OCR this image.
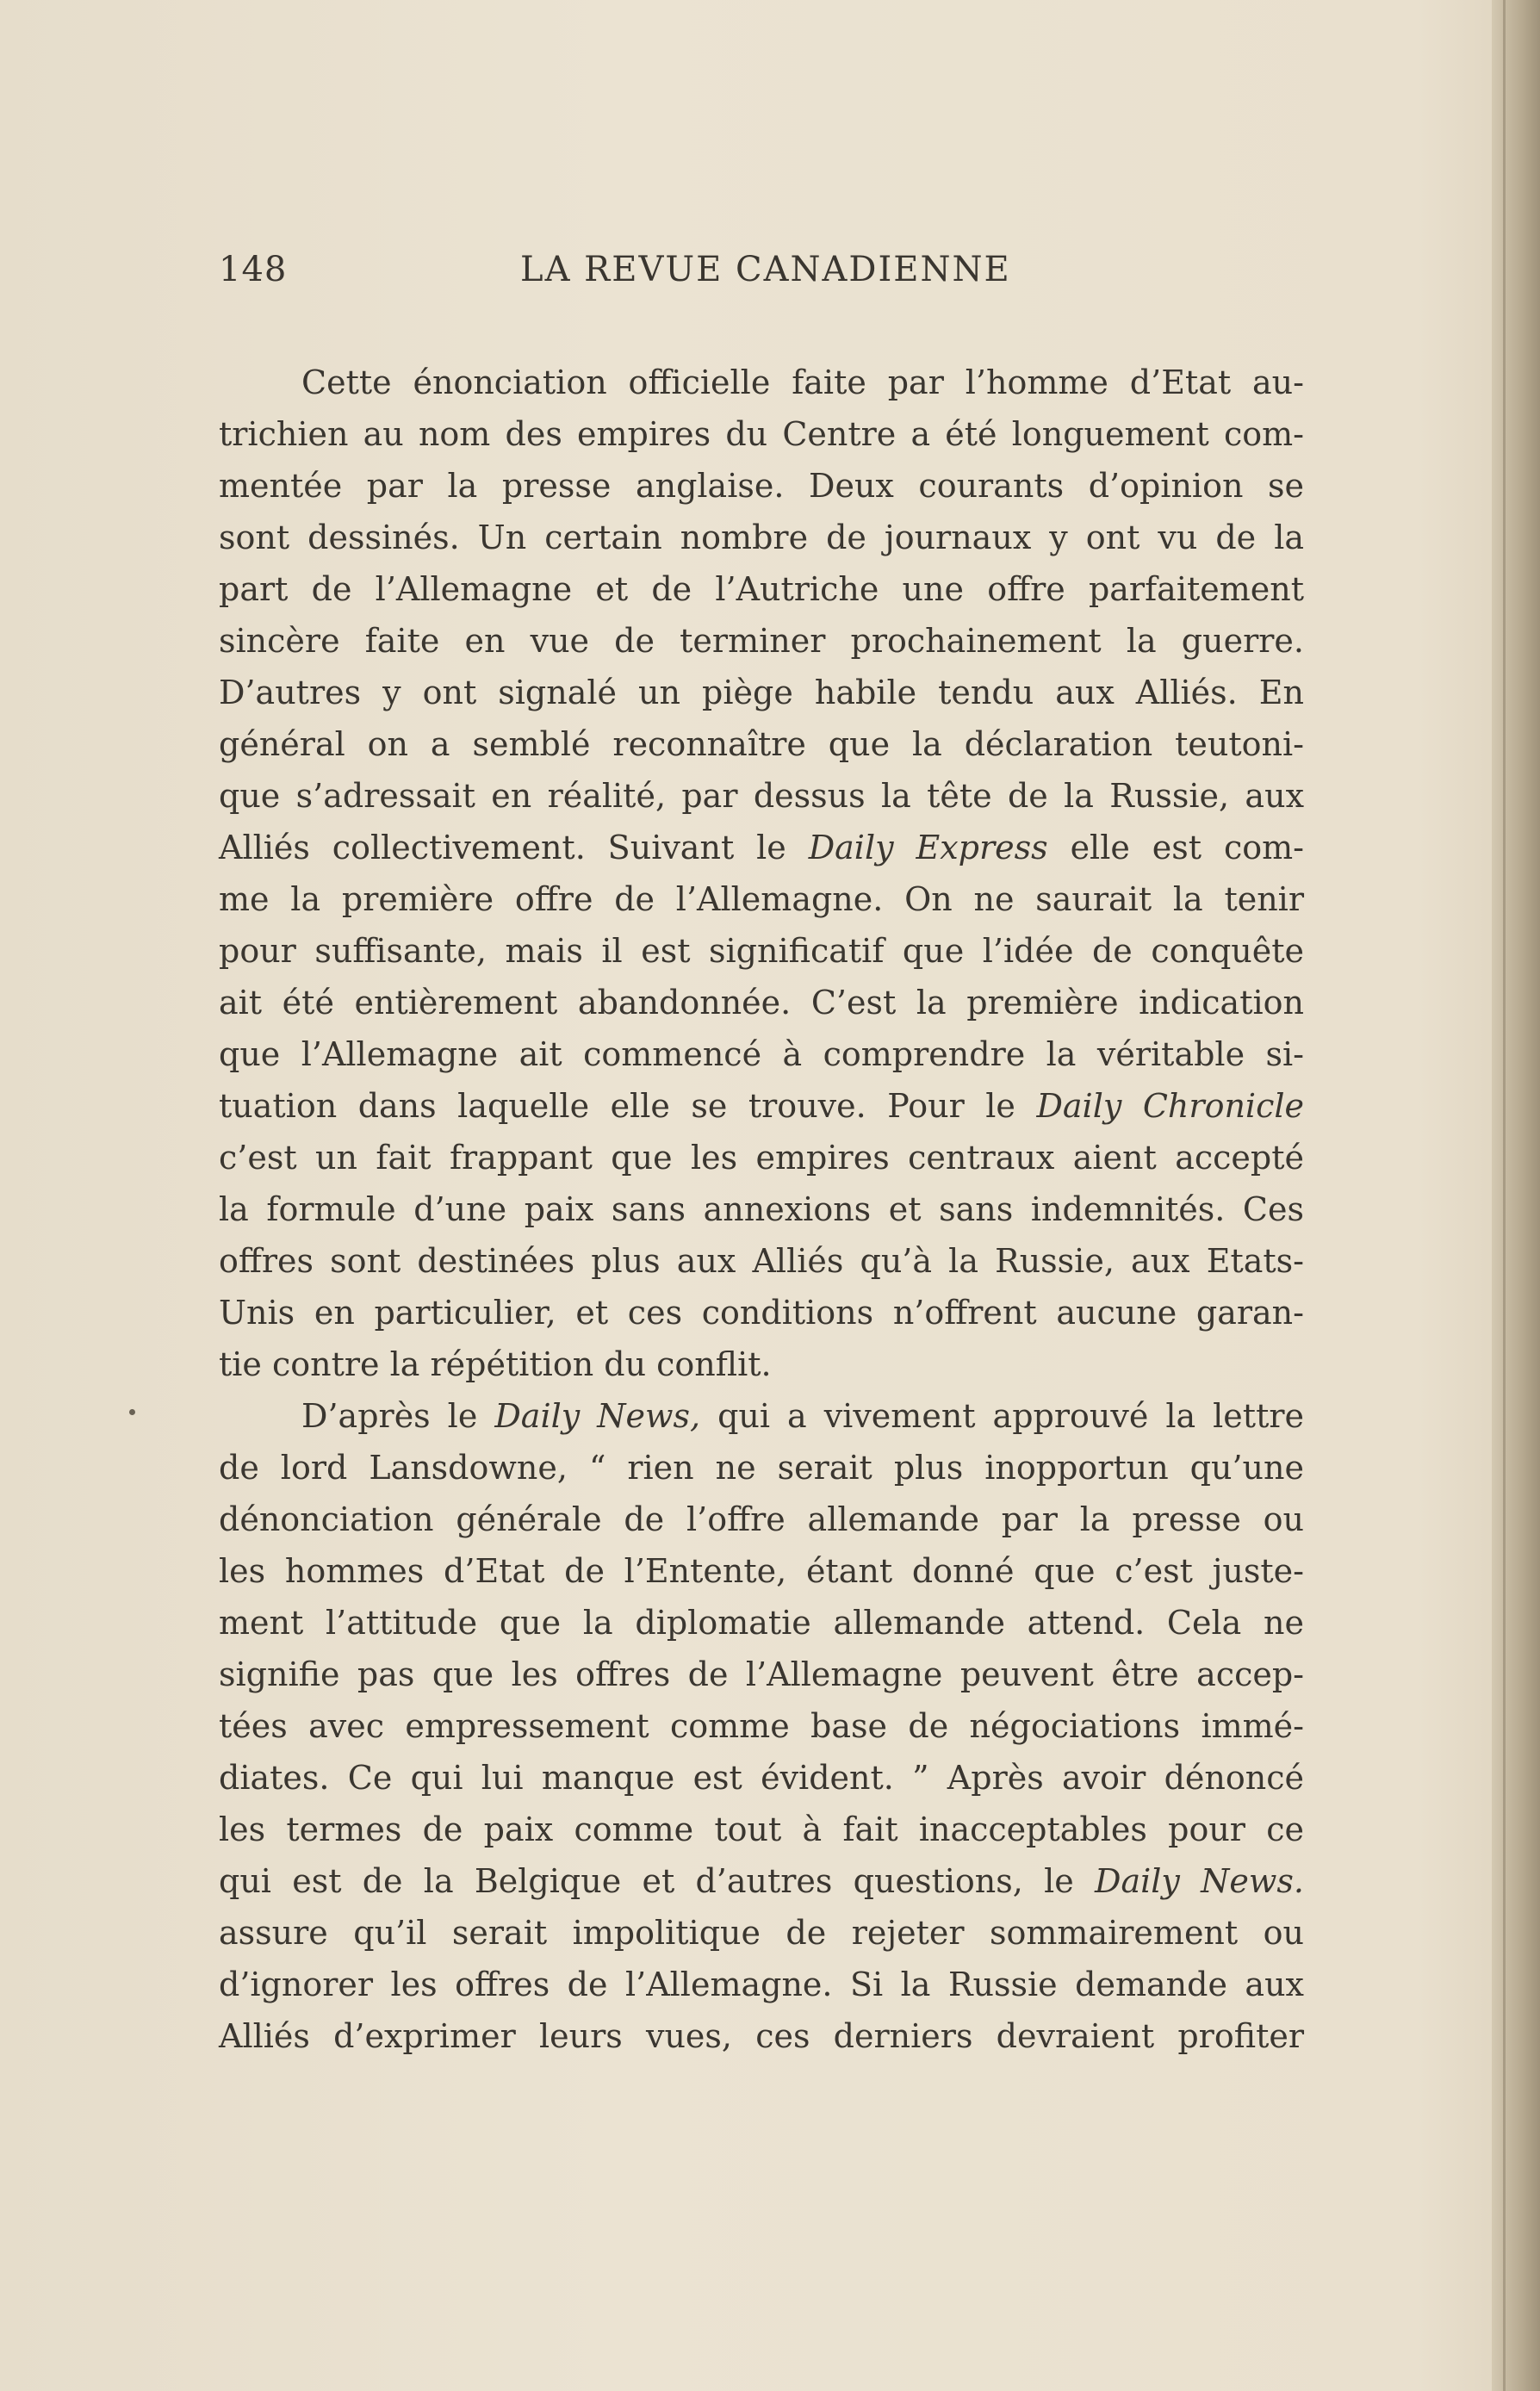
148	LA REVUE CANADIENNE
Cette énonciation officielle faite par l’homme d’Etat au-
trichien au nom des empires du Centre a été longuement com-
mentée par la presse anglaise. Deux courants d’opinion se
sont dessinés. Un certain nombre de journaux y ont vu de la
part de l’Allemagne et de l’Autriche une offre parfaitement
sincère faite en vue de terminer prochainement la guerre.
D’autres y ont signalé un piège habile tendu aux Alliés. En
général on a semblé reconnaître que la déclaration teutoni-
que s’adressait en réalité, par dessus la tête de la Russie, aux
Alliés collectivement. Suivant le Daily Express elle est com-
me la première offre de l’Allemagne. On ne saurait la tenir
pour suffisante, mais il est significatif que l’idée de conquête
ait été entièrement abandonnée. C’est la première indication
que l’Allemagne ait commencé à comprendre la véritable si-
tuation dans laquelle elle se trouve. Pour le Daily Chronicle
c’est un fait frappant que les empires centraux aient accepté
la formule d’une paix sans annexions et sans indemnités. Ces
offres sont destinées plus aux Alliés qu’à la Russie, aux Etats-
Unis en particulier, et ces conditions n’offrent aucune garan-
tie contre la répétition du conflit.
D’après le Daily News, qui a vivement approuvé la lettre
de lord Lansdowne, “ rien ne serait plus inopportun qu’une
dénonciation générale de l’offre allemande par la presse ou
les hommes d’Etat de l’Entente, étant donné que c’est juste-
ment l’attitude que la diplomatie allemande attend. Cela ne
signifie pas que les offres de l’Allemagne peuvent être accep-
tées avec empressement comme base de négociations immé-
diates. Ce qui lui manque est évident. ” Après avoir dénoncé
les termes de paix comme tout à fait inacceptables pour ce
qui est de la Belgique et d’autres questions, le Daily News.
assure qu’il serait impolitique de rejeter sommairement ou
d’ignorer les offres de l’Allemagne. Si la Russie demande aux
Alliés d’exprimer leurs vues, ces derniers devraient profiter
